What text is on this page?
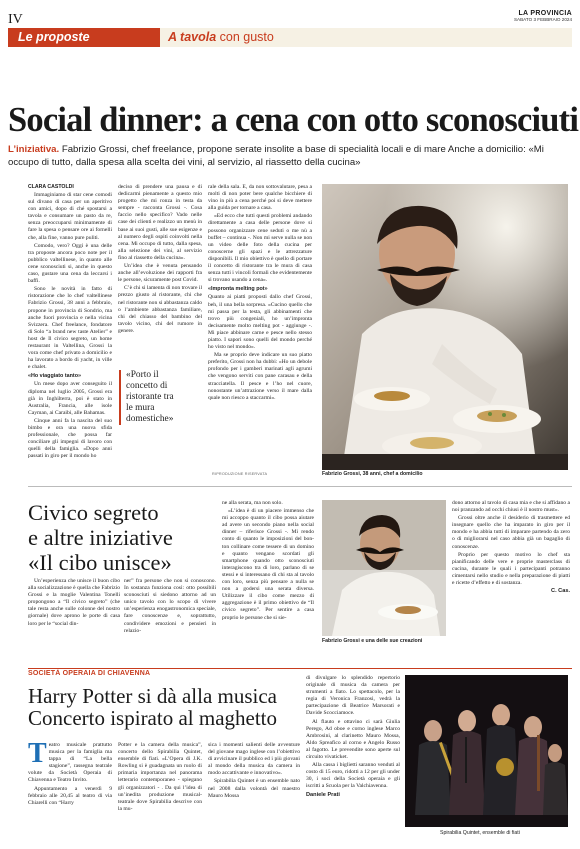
IV	LA PROVINCIA
SABATO 3 FEBBRAIO 2024
Le proposte	A tavola con gusto
Social dinner: a cena con otto sconosciuti
L’iniziativa. Fabrizio Grossi, chef freelance, propone serate insolite a base di specialità locali e di mare Anche a domicilio: «Mi occupo di tutto, dalla spesa alla scelta dei vini, al servizio, al riassetto della cucina»
CLARA CASTOLDI

Immaginiamo di star cene comodi sul divano di casa per un aperitivo con amici, dopo di ché spostarsi a tavola e consumare un pasto da re, senza preoccuparsi minimamente di fare la spesa o pensare ore ai fornelli che, alla fine, vanno pure puliti.

Comodo, vero? Oggi è una delle tra proposte ancora poco note per il pubblico valtellinese, in quanto alle cene sconosciuti si, anche in questo caso, gustare una cena da leccarsi i baffi.

Sono le novità in fatto di ristorazione che lo chef valtellinese Fabrizio Grossi, 38 anni a febbraio, propone in provincia di Sondrio, ma anche fuori provincia e nella vicina Svizzera. Chef freelance, fondatore di Solo “a brand new taste Atelier” e host de Il civico segreto, un home restaurant in Valtellina, Grossi la vora come chef privato a domicilio e ha lavorato a bordo di yacht, in ville e chalet.

«Ho viaggiato tanto»

Un mese dopo aver conseguito il diploma nel luglio 2005, Grossi era già in Inghilterra, poi è stato in Australia, Francia, alle isole Cayman, ai Caraibi, alle Bahamas.

Cinque anni fa la nascita del suo bimbo e ora una nuova sfida professionale, che possa far conciliare gli impegni di lavoro con quelli della famiglia. «Dopo anni passati in giro per il mondo ho

deciso di prendere una pausa e di dedicarmi pienamente a questo mio progetto che mi ronza in testa da sempre - racconta Grossi -. Cosa faccio nello specifico? Vado nelle case dei clienti e realizzo un menù in base ai suoi gusti, alle sue esigenze e al numero degli ospiti coinvolti nella cena. Mi occupo di tutto, dalla spesa, alla selezione dei vini, al servizio fino al riassetto della cucina».

Un’idea che è venuta pensando anche all’evoluzione dei rapporti fra le persone, sicuramente post Covid.

C’è chi si lamenta di non trovare il prezzo giusto al ristorante, chi che nel ristorante non si abbastanza caldo o l’ambiente abbastanza familiare, chi del chiasso del bambino del tavolo vicino, chi del rumore in genere.

«Porto il concetto di ristorante tra le mura domestiche»

rale della sala. E, da non sottovalutare, pesa a molti di non poter bere qualche bicchiere di vino in più a cena perché poi si deve mettere alla guida per tornare a casa.

«Ed ecco che tutti questi problemi andando direttamente a casa delle persone dove si possono organizzare cene seduti o me nù a buffet – continua -. Non mi serve nulla se non un video delle foto della cucina per conoscerne gli spazi e le attrezzature disponibili. Il mio obiettivo è quello di portare il concetto di ristorante tra le mura di casa senza tutti i vincoli formali che evidentemente si trovano usando a cena».

«Impronta melting pot»

Quanto ai piatti proposti dallo chef Grossi, beh, il una bella sorpresa. «Cucino quello che mi passa per la testa, gli abbinamenti che trovo più congeniali, ho un’impronta decisamente molto melting pot - aggiunge -. Mi piace abbinare carne e pesce nello stesso piatto. I sapori sono quelli del mondo perché ho visto nel mondo».

Ma se proprio deve indicare un suo piatto preferito, Grossi non ha dubbi: «Ho un debole profondo per i gamberi marinati agli agrumi che vengono serviti con pane carasau e della stracciatella. Il pesce e l’ho nel cuore, nonostante un’attrazione verso il mare dalla quale non riesco a staccarmi».

RIPRODUZIONE RISERVATA	Fabrizio Grossi, 38 anni, chef a domicilio
Civico segreto
e altre iniziative
«Il cibo unisce»

Un’esperienza che unisce il buon cibo alla socializzazione è quella che Fabrizio Grossi e la moglie Valentina Tonelli propongono a “Il civico segreto” (che tale resta anche sulle colonne del nostro giornale) dove aprono le porte di casa loro per le “social din-

ner” fra persone che non si conoscono. In sostanza funziona così: otto possibili sconosciuti si siedono attorno ad un unico tavolo con lo scopo di vivere un’esperienza enogastronomica speciale, fare conoscenze e, soprattutto, condividere emozioni e pensieri in relazio-

ne alla serata, ma non solo.

«L’idea è di un piacere immenso che mi accoppo quanto il cibo possa aiutare ad avere un secondo piano nella social dinner – riferisce Grossi -. Mi rendo conto di quanto le imposizioni del bon-ton collinare come tessere di un domino e quanto vengano scordati gli smartphone quando otto sconosciuti interagiscono tra di loro, parlano di se stessi e si interessano di chi sta al tavolo con loro, senza più pensare a nulla se non a godersi una serata diversa. Utilizzare il cibo come mezzo di aggregazione è il primo obiettivo de “Il civico segreto”. Per sentire a casa proprio le persone che si sie-

Fabrizio Grossi e una delle sue creazioni

dono attorno al tavolo di casa mia e che si affidano a noi pranzando ad occhi chiusi è il nostro must».

Grossi oltre anche il desiderio di trasmettere ed insegnare quello che ha imparato in giro per il mondo e ha abbia tutti di imparare partendo da zero o di migliorarsi nel caso abbia già un bagaglio di conoscenze.

Proprio per questo motivo lo chef sta pianificando delle vere e proprie masterclass di cucina, durante le quali i partecipanti potranno cimentarsi nello studio e nella preparazione di piatti e ricette d’effetto e di sostanza.

C. Cas.

SOCIETÀ OPERAIA DI CHIAVENNA
Harry Potter si dà alla musica
Concerto ispirato al maghetto

Teatro musicale prattutto musica per la famiglia ma tappa di “La bella stagione”, rassegna teatrale volute da Società Operaia di Chiavenna e Teatro Invito.

Appuntamento a venerdì 9 febbraio alle 20,45 al teatro di via Chiarelli con “Harry

Potter e la camera della musica”, concerto dello Spirabilia Quintet, ensemble di fiati. «L’Opera di J.K. Rowling si è guadagnata un ruolo di primaria importanza nel panorama letterario contemporaneo - spiegano gli organizzatori - . Da qui l’idea di un’inedita produzione musical-teatrale dove Spirabilia descrive con la mu-

sica i momenti salienti delle avventure del giovane mago inglese con l’obiettivo di avvicinare il pubblico ed i più giovani al mondo della musica da camera in modo accattivante e innovativo».

Spirabilia Quintet è un ensemble nato nel 2008 dalla volontà del maestro Mauro Mossa

di divulgare lo splendido repertorio originale di musica da camera per strumenti a fiato. Lo spettacolo, per la regia di Veronica Franzosi, vedrà la partecipazione di Beatrice Marsorati e Davide Scocciamoce.

Al flauto e ottavino ci sarà Giulia Perego, Ad oboe e corno inglese Marco Ambrosini, al clarinetto Mauro Mossa, Aldo Spreafico al corno e Angelo Russo al fagotto. Le prevendite sono aperte sul circuito vivaticket.

Alla cassa i biglietti saranno venduti al costo di 15 euro, ridotti a 12 per gli under 30, i soci della Società operaia e gli iscritti a Scuola per la Valchiavenna.

Daniele Prati

Spirabilia Quintet, ensemble di fiati
